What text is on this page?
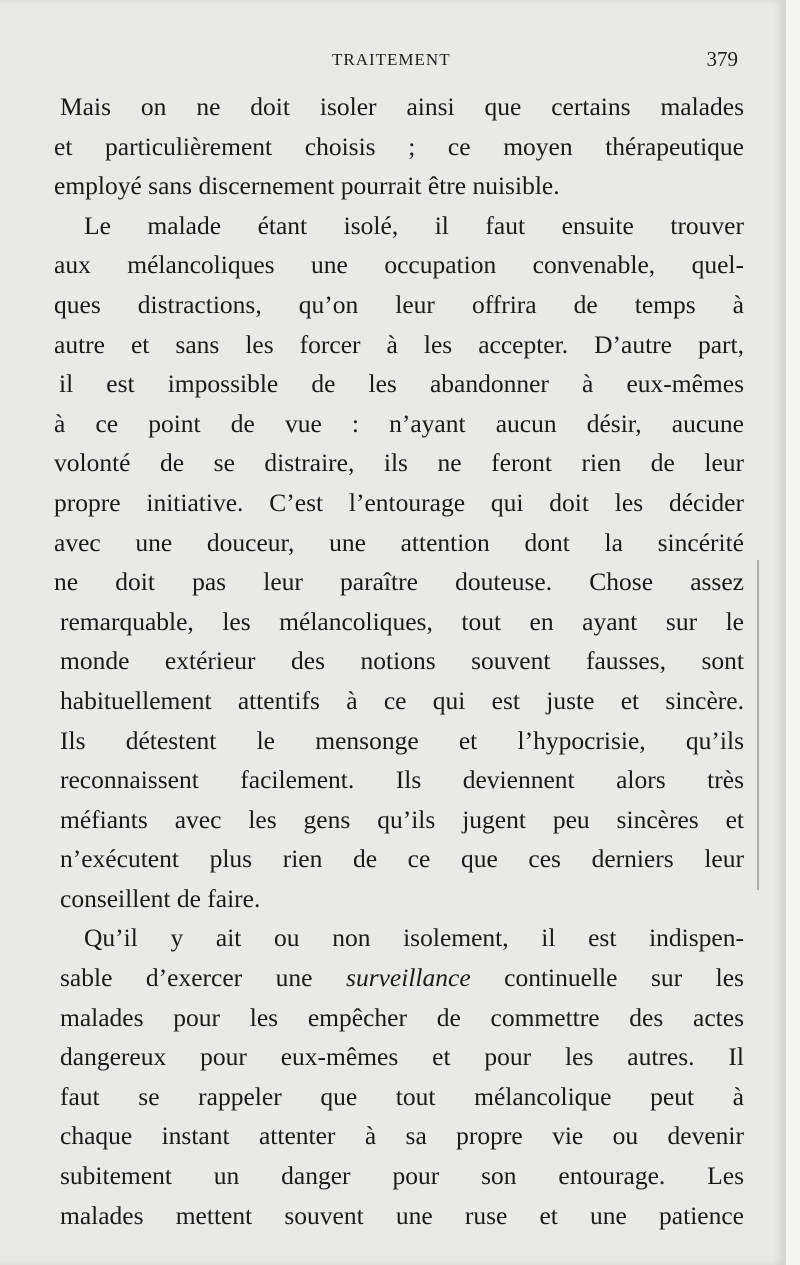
TRAITEMENT	379
Mais on ne doit isoler ainsi que certains malades
et particulièrement choisis ; ce moyen thérapeutique
employé sans discernement pourrait être nuisible.
Le malade étant isolé, il faut ensuite trouver
aux mélancoliques une occupation convenable, quel-
ques distractions, qu’on leur offrira de temps à
autre et sans les forcer à les accepter. D’autre part,
il est impossible de les abandonner à eux-mêmes
à ce point de vue : n’ayant aucun désir, aucune
volonté de se distraire, ils ne feront rien de leur
propre initiative. C’est l’entourage qui doit les décider
avec une douceur, une attention dont la sincérité
ne doit pas leur paraître douteuse. Chose assez
remarquable, les mélancoliques, tout en ayant sur le
monde extérieur des notions souvent fausses, sont
habituellement attentifs à ce qui est juste et sincère.
Ils détestent le mensonge et l’hypocrisie, qu’ils
reconnaissent facilement. Ils deviennent alors très
méfiants avec les gens qu’ils jugent peu sincères et
n’exécutent plus rien de ce que ces derniers leur
conseillent de faire.
Qu’il y ait ou non isolement, il est indispen-
sable d’exercer une surveillance continuelle sur les
malades pour les empêcher de commettre des actes
dangereux pour eux-mêmes et pour les autres. Il
faut se rappeler que tout mélancolique peut à
chaque instant attenter à sa propre vie ou devenir
subitement un danger pour son entourage. Les
malades mettent souvent une ruse et une patience
